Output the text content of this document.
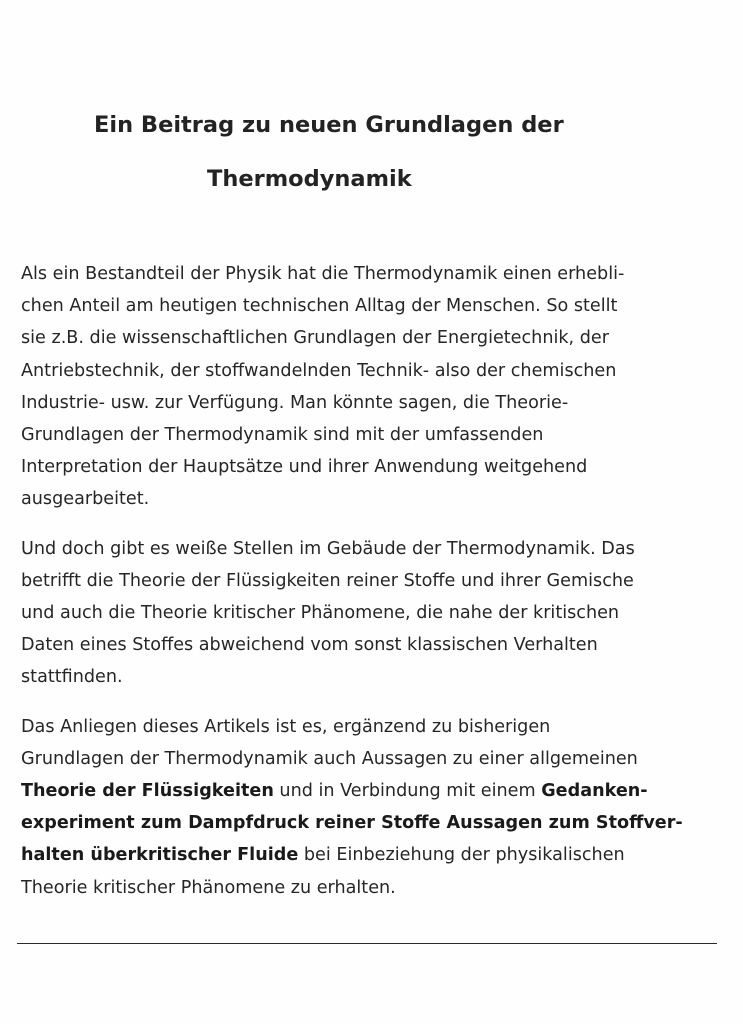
Ein Beitrag zu neuen Grundlagen der
Thermodynamik
Als ein Bestandteil der Physik hat die Thermodynamik einen erhebli-
chen Anteil am heutigen technischen Alltag der Menschen. So stellt
sie z.B. die wissenschaftlichen Grundlagen der Energietechnik, der
Antriebstechnik, der stoffwandelnden Technik- also der chemischen
Industrie- usw. zur Verfügung. Man könnte sagen, die Theorie-
Grundlagen der Thermodynamik sind mit der umfassenden
Interpretation der Hauptsätze und ihrer Anwendung weitgehend
ausgearbeitet.
Und doch gibt es weiße Stellen im Gebäude der Thermodynamik. Das
betrifft die Theorie der Flüssigkeiten reiner Stoffe und ihrer Gemische
und auch die Theorie kritischer Phänomene, die nahe der kritischen
Daten eines Stoffes abweichend vom sonst klassischen Verhalten
stattfinden.
Das Anliegen dieses Artikels ist es, ergänzend zu bisherigen
Grundlagen der Thermodynamik auch Aussagen zu einer allgemeinen
Theorie der Flüssigkeiten und in Verbindung mit einem Gedanken-
experiment zum Dampfdruck reiner Stoffe Aussagen zum Stoffver-
halten überkritischer Fluide bei Einbeziehung der physikalischen
Theorie kritischer Phänomene zu erhalten.
